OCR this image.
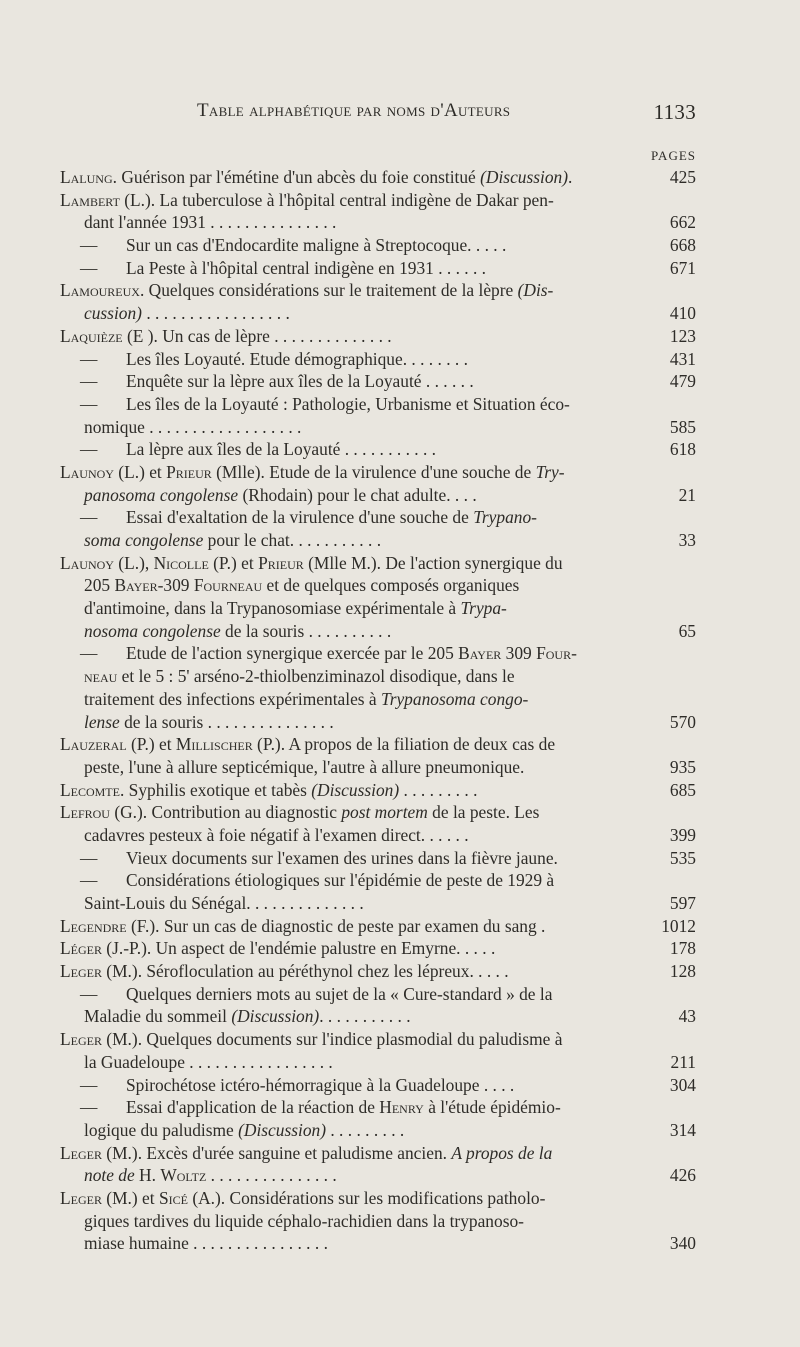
Table alphabétique par noms d'Auteurs	1133
PAGES
Lalung. Guérison par l'émétine d'un abcès du foie constitué (Discussion).	425
Lambert (L.). La tuberculose à l'hôpital central indigène de Dakar pen-
dant l'année 1931 . . . . . . . . . . . . . . .	662
— Sur un cas d'Endocardite maligne à Streptocoque. . . . .	668
— La Peste à l'hôpital central indigène en 1931 . . . . . .	671
Lamoureux. Quelques considérations sur le traitement de la lèpre (Dis-
cussion) . . . . . . . . . . . . . . . . .	410
Laquièze (E ). Un cas de lèpre . . . . . . . . . . . . . .	123
— Les îles Loyauté. Etude démographique. . . . . . . .	431
— Enquête sur la lèpre aux îles de la Loyauté . . . . . .	479
— Les îles de la Loyauté : Pathologie, Urbanisme et Situation éco-
nomique . . . . . . . . . . . . . . . . . .	585
— La lèpre aux îles de la Loyauté . . . . . . . . . . .	618
Launoy (L.) et Prieur (Mlle). Etude de la virulence d'une souche de Try-
panosoma congolense (Rhodain) pour le chat adulte. . . .	21
— Essai d'exaltation de la virulence d'une souche de Trypano-
soma congolense pour le chat. . . . . . . . . . .	33
Launoy (L.), Nicolle (P.) et Prieur (Mlle M.). De l'action synergique du
205 Bayer-309 Fourneau et de quelques composés organiques
d'antimoine, dans la Trypanosomiase expérimentale à Trypa-
nosoma congolense de la souris . . . . . . . . . .	65
— Etude de l'action synergique exercée par le 205 Bayer 309 Four-
neau et le 5 : 5' arséno-2-thiolbenziminazol disodique, dans le
traitement des infections expérimentales à Trypanosoma congo-
lense de la souris . . . . . . . . . . . . . . .	570
Lauzeral (P.) et Millischer (P.). A propos de la filiation de deux cas de
peste, l'une à allure septicémique, l'autre à allure pneumonique.	935
Lecomte. Syphilis exotique et tabès (Discussion) . . . . . . . . .	685
Lefrou (G.). Contribution au diagnostic post mortem de la peste. Les
cadavres pesteux à foie négatif à l'examen direct. . . . . .	399
— Vieux documents sur l'examen des urines dans la fièvre jaune.	535
— Considérations étiologiques sur l'épidémie de peste de 1929 à
Saint-Louis du Sénégal. . . . . . . . . . . . . .	597
Legendre (F.). Sur un cas de diagnostic de peste par examen du sang .	1012
Léger (J.-P.). Un aspect de l'endémie palustre en Emyrne. . . . .	178
Leger (M.). Sérofloculation au péréthynol chez les lépreux. . . . .	128
— Quelques derniers mots au sujet de la « Cure-standard » de la
Maladie du sommeil (Discussion). . . . . . . . . . .	43
Leger (M.). Quelques documents sur l'indice plasmodial du paludisme à
la Guadeloupe . . . . . . . . . . . . . . . . .	211
— Spirochétose ictéro-hémorragique à la Guadeloupe . . . .	304
— Essai d'application de la réaction de Henry à l'étude épidémio-
logique du paludisme (Discussion) . . . . . . . . .	314
Leger (M.). Excès d'urée sanguine et paludisme ancien. A propos de la
note de H. Woltz . . . . . . . . . . . . . . .	426
Leger (M.) et Sicé (A.). Considérations sur les modifications patholo-
giques tardives du liquide céphalo-rachidien dans la trypanoso-
miase humaine . . . . . . . . . . . . . . . .	340
